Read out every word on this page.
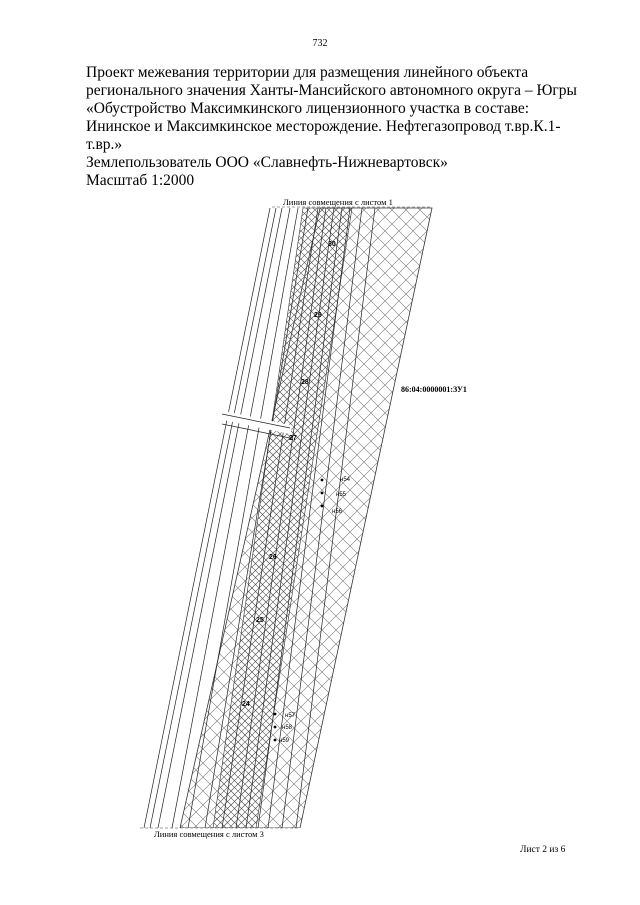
732
Проект межевания территории для размещения линейного объекта
регионального значения Ханты-Мансийского автономного округа – Югры
«Обустройство Максимкинского лицензионного участка в составе:
Ининское и Максимкинское месторождение. Нефтегазопровод т.вр.К.1-
т.вр.»
Землепользователь ООО «Славнефть-Нижневартовск»
Масштаб 1:2000
Линия совмещения с листом 1
Линия совмещения с листом 3
86:04:0000001:ЗУ1
30
29
28
27
26
25
24
н54
н55
н56
н57
н58
н59
Лист 2 из 6
